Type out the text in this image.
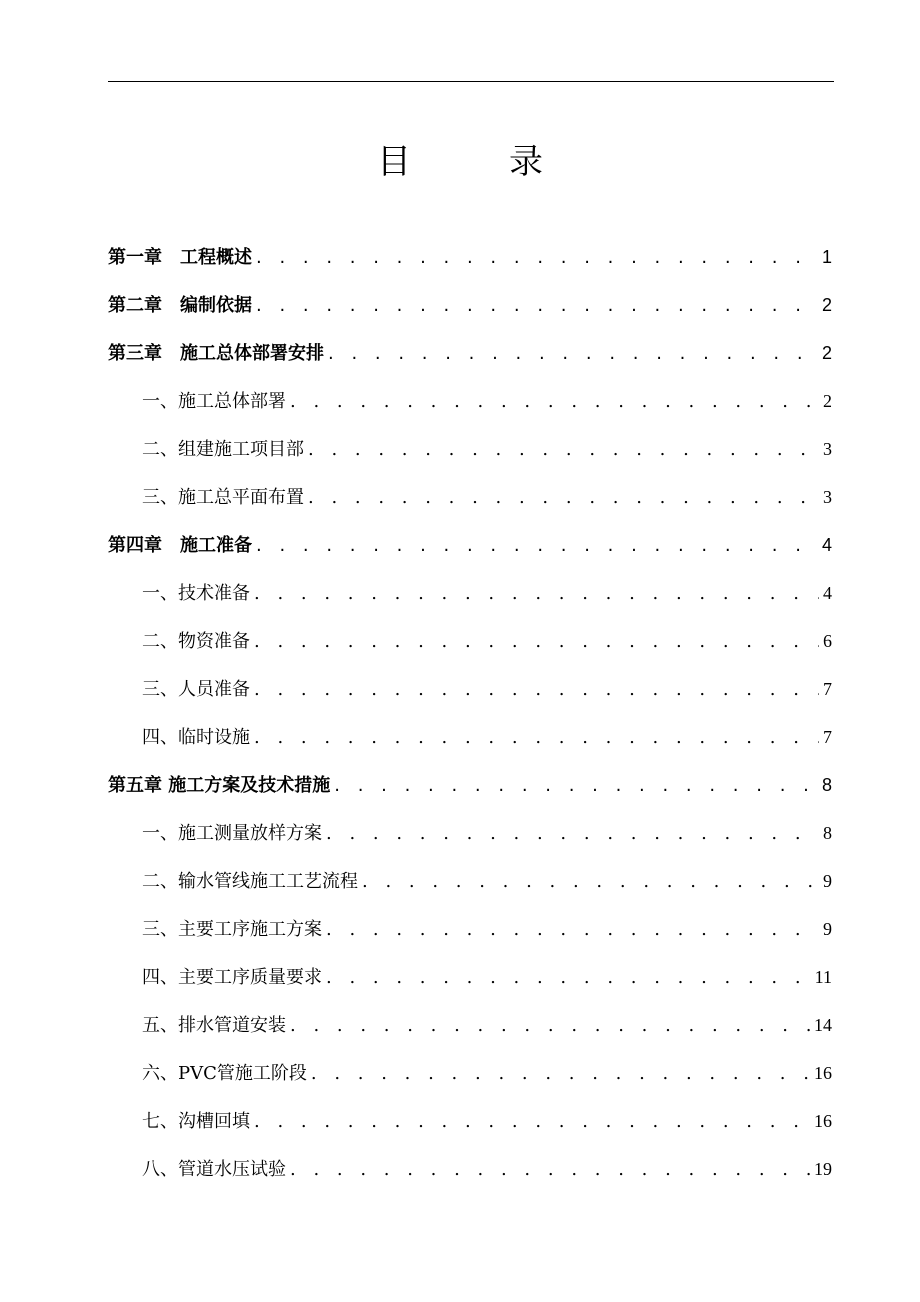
目　录
第一章　工程概述 . . .	1
第二章　编制依据 . . .	2
第三章　施工总体部署安排 . . .	2
一、施工总体部署 . . .	2
二、组建施工项目部 . . .	3
三、施工总平面布置 . . .	3
第四章　施工准备 . . .	4
一、技术准备 . . .	4
二、物资准备 . . .	6
三、人员准备 . . .	7
四、临时设施 . . .	7
第五章 施工方案及技术措施 . . .	8
一、施工测量放样方案 . . .	8
二、输水管线施工工艺流程 . . .	9
三、主要工序施工方案 . . .	9
四、主要工序质量要求 . . .	11
五、排水管道安装 . . .	14
六、PVC管施工阶段 . . .	16
七、沟槽回填 . . .	16
八、管道水压试验 . . .	19
